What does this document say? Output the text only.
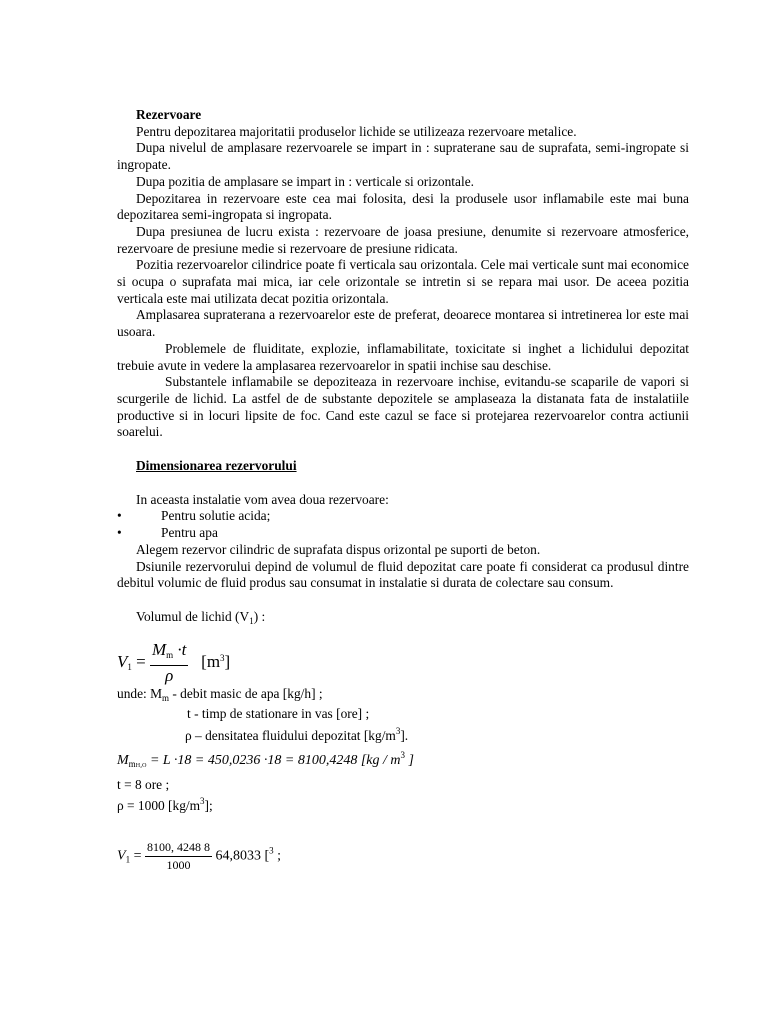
Rezervoare

Pentru depozitarea majoritatii produselor lichide se utilizeaza rezervoare metalice.

Dupa nivelul de amplasare rezervoarele se impart in : supraterane sau de suprafata, semi-ingropate si ingropate.

Dupa pozitia de amplasare se impart in : verticale si orizontale.

Depozitarea in rezervoare este cea mai folosita, desi la produsele usor inflamabile este mai buna depozitarea semi-ingropata si ingropata.

Dupa presiunea de lucru exista : rezervoare de joasa presiune, denumite si rezervoare atmosferice, rezervoare de presiune medie si rezervoare de presiune ridicata.

Pozitia rezervoarelor cilindrice poate fi verticala sau orizontala. Cele mai verticale sunt mai economice si ocupa o suprafata mai mica, iar cele orizontale se intretin si se repara mai usor. De aceea pozitia verticala este mai utilizata decat pozitia orizontala.

Amplasarea supraterana a rezervoarelor este de preferat, deoarece montarea si intretinerea lor este mai usoara.

Problemele de fluiditate, explozie, inflamabilitate, toxicitate si inghet a lichidului depozitat trebuie avute in vedere la amplasarea rezervoarelor in spatii inchise sau deschise.

Substantele inflamabile se depoziteaza in rezervoare inchise, evitandu-se scaparile de vapori si scurgerile de lichid. La astfel de de substante depozitele se amplaseaza la distanata fata de instalatiile productive si in locuri lipsite de foc. Cand este cazul se face si protejarea rezervoarelor contra actiunii soarelui.

Dimensionarea rezervorului

In aceasta instalatie vom avea doua rezervoare:

•	Pentru solutie acida;

•	Pentru apa

Alegem rezervor cilindric de suprafata dispus orizontal pe suporti de beton.

Dsiunile rezervorului depind de volumul de fluid depozitat care poate fi considerat ca produsul dintre debitul volumic de fluid produs sau consumat in instalatie si durata de colectare sau consum.

Volumul de lichid $(V_1)$ :

$V_1 = \frac{M_m \cdot t}{\rho} [m^3]$

unde: $M_m$ - debit masic de apa [kg/h] ;

t - timp de stationare in vas [ore] ;

ρ – densitatea fluidului depozitat $[kg/m^3]$.

$M_{mH_2O} = L \cdot 18 = 450,0236 \cdot 18 = 8100,4248$ [$kg / m^3$ ]

t = 8 ore ;

ρ = 1000 $[kg/m^3]$;

$V_1 = \frac{8100, 4248 8}{1000} 64,8033$ [$^3$ ;
